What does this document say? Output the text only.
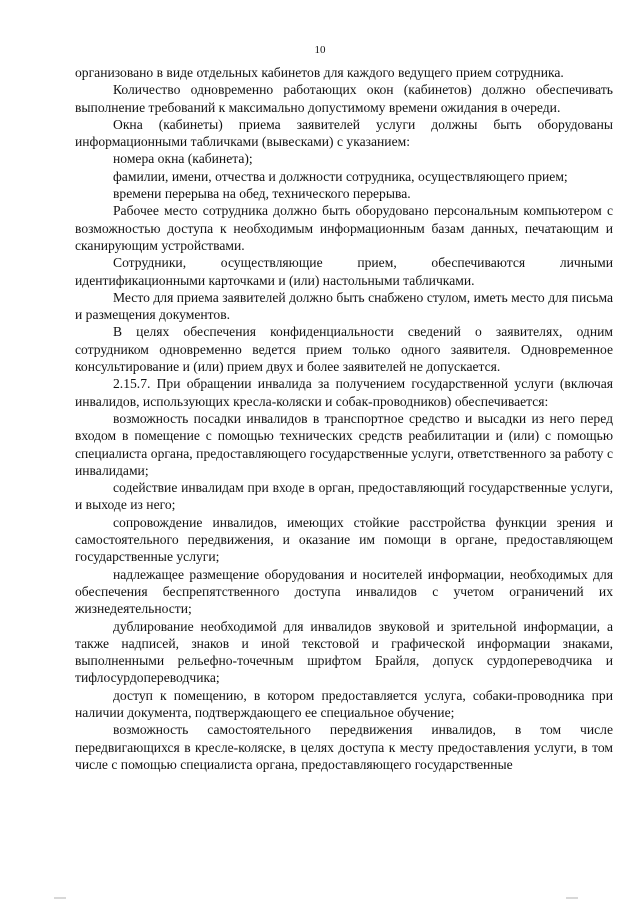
10

организовано в виде отдельных кабинетов для каждого ведущего прием сотрудника.

Количество одновременно работающих окон (кабинетов) должно обеспечивать выполнение требований к максимально допустимому времени ожидания в очереди.

Окна (кабинеты) приема заявителей услуги должны быть оборудованы информационными табличками (вывесками) с указанием:

номера окна (кабинета);

фамилии, имени, отчества и должности сотрудника, осуществляющего прием;

времени перерыва на обед, технического перерыва.

Рабочее место сотрудника должно быть оборудовано персональным компьютером с возможностью доступа к необходимым информационным базам данных, печатающим и сканирующим устройствами.

Сотрудники, осуществляющие прием, обеспечиваются личными идентификационными карточками и (или) настольными табличками.

Место для приема заявителей должно быть снабжено стулом, иметь место для письма и размещения документов.

В целях обеспечения конфиденциальности сведений о заявителях, одним сотрудником одновременно ведется прием только одного заявителя. Одновременное консультирование и (или) прием двух и более заявителей не допускается.

2.15.7. При обращении инвалида за получением государственной услуги (включая инвалидов, использующих кресла-коляски и собак-проводников) обеспечивается:

возможность посадки инвалидов в транспортное средство и высадки из него перед входом в помещение с помощью технических средств реабилитации и (или) с помощью специалиста органа, предоставляющего государственные услуги, ответственного за работу с инвалидами;

содействие инвалидам при входе в орган, предоставляющий государственные услуги, и выходе из него;

сопровождение инвалидов, имеющих стойкие расстройства функции зрения и самостоятельного передвижения, и оказание им помощи в органе, предоставляющем государственные услуги;

надлежащее размещение оборудования и носителей информации, необходимых для обеспечения беспрепятственного доступа инвалидов с учетом ограничений их жизнедеятельности;

дублирование необходимой для инвалидов звуковой и зрительной информации, а также надписей, знаков и иной текстовой и графической информации знаками, выполненными рельефно-точечным шрифтом Брайля, допуск сурдопереводчика и тифлосурдопереводчика;

доступ к помещению, в котором предоставляется услуга, собаки-проводника при наличии документа, подтверждающего ее специальное обучение;

возможность самостоятельного передвижения инвалидов, в том числе передвигающихся в кресле-коляске, в целях доступа к месту предоставления услуги, в том числе с помощью специалиста органа, предоставляющего государственные
